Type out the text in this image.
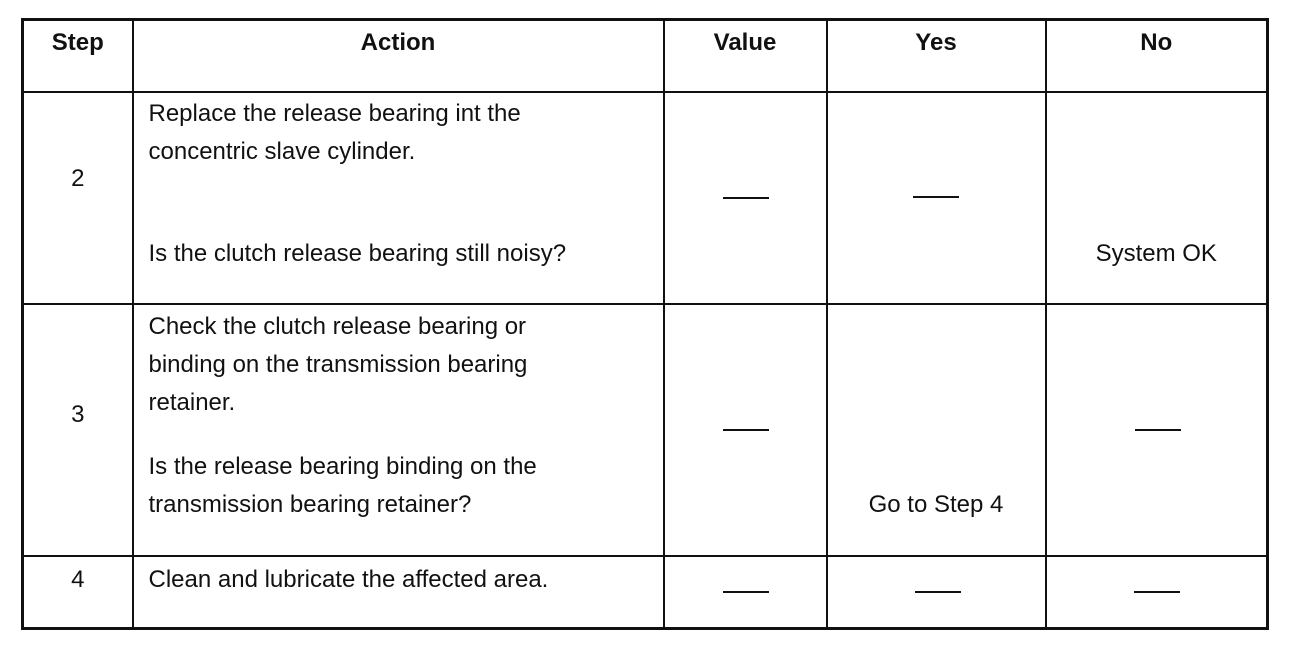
Step	Action	Value	Yes	No

2	Replace the release bearing int the
concentric slave cylinder.
Is the clutch release bearing still noisy?			System OK

3	Check the clutch release bearing or
binding on the transmission bearing
retainer.
Is the release bearing binding on the
transmission bearing retainer?		Go to Step 4	

4	Clean and lubricate the affected area.			
